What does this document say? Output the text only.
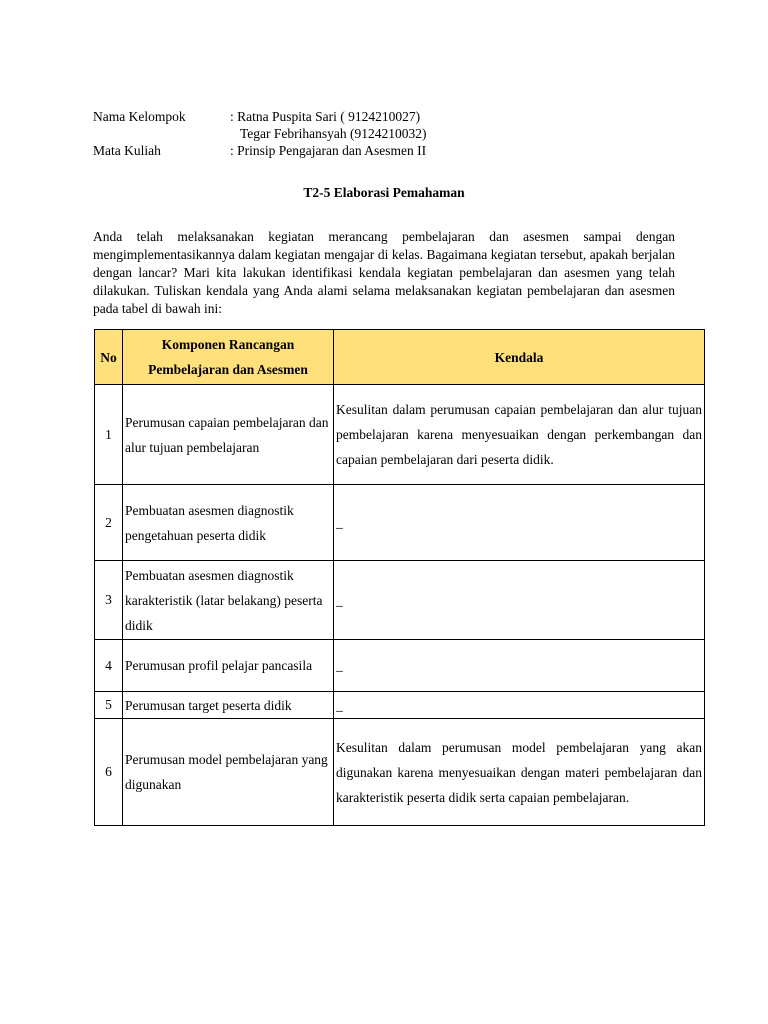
Nama Kelompok	: Ratna Puspita Sari ( 9124210027)
Tegar Febrihansyah (9124210032)
Mata Kuliah	: Prinsip Pengajaran dan Asesmen II
T2-5 Elaborasi Pemahaman

Anda telah melaksanakan kegiatan merancang pembelajaran dan asesmen sampai dengan mengimplementasikannya dalam kegiatan mengajar di kelas. Bagaimana kegiatan tersebut, apakah berjalan dengan lancar? Mari kita lakukan identifikasi kendala kegiatan pembelajaran dan asesmen yang telah dilakukan. Tuliskan kendala yang Anda alami selama melaksanakan kegiatan pembelajaran dan asesmen pada tabel di bawah ini:

No	Komponen Rancangan Pembelajaran dan Asesmen	Kendala
1	Perumusan capaian pembelajaran dan alur tujuan pembelajaran	Kesulitan dalam perumusan capaian pembelajaran dan alur tujuan pembelajaran karena menyesuaikan dengan perkembangan dan capaian pembelajaran dari peserta didik.
2	Pembuatan asesmen diagnostik pengetahuan peserta didik	_
3	Pembuatan asesmen diagnostik karakteristik (latar belakang) peserta didik	_
4	Perumusan profil pelajar pancasila	_
5	Perumusan target peserta didik	_
6	Perumusan model pembelajaran yang digunakan	Kesulitan dalam perumusan model pembelajaran yang akan digunakan karena menyesuaikan dengan materi pembelajaran dan karakteristik peserta didik serta capaian pembelajaran.
